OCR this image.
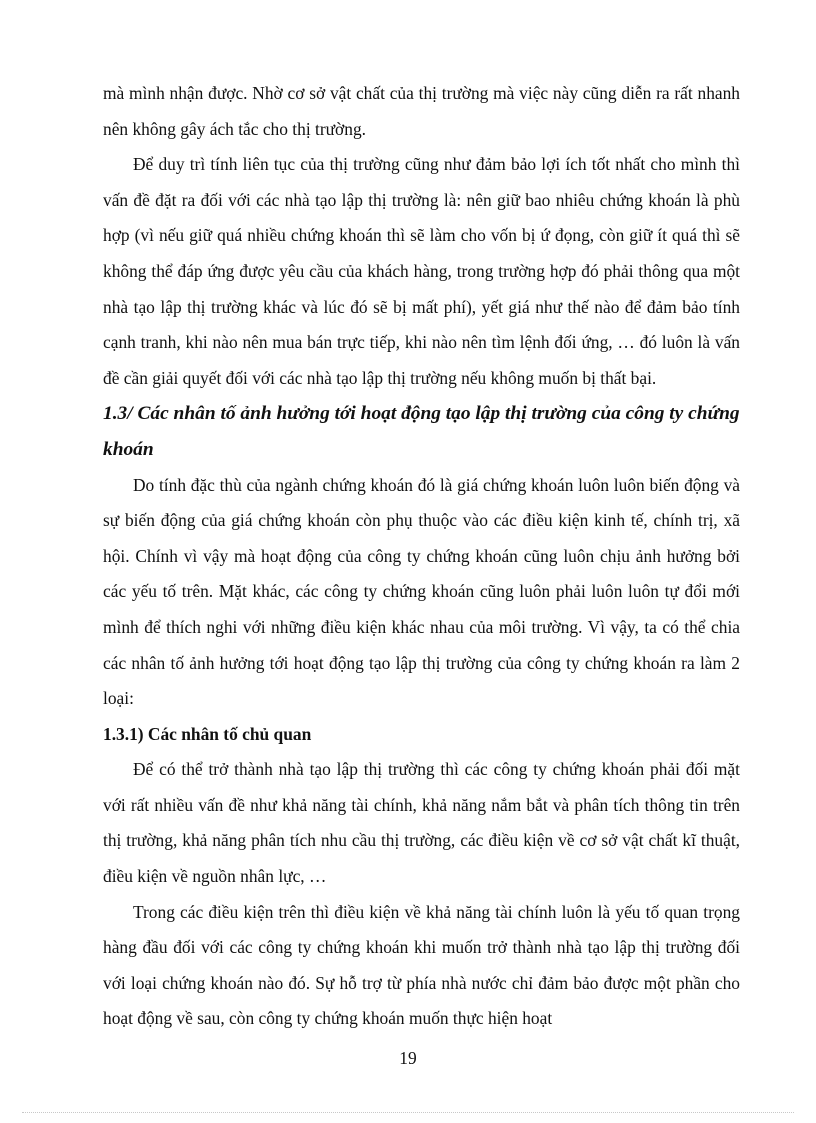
mà mình nhận được. Nhờ cơ sở vật chất của thị trường mà việc này cũng diễn ra rất nhanh nên không gây ách tắc cho thị trường.

Để duy trì tính liên tục của thị trường cũng như đảm bảo lợi ích tốt nhất cho mình thì vấn đề đặt ra đối với các nhà tạo lập thị trường là: nên giữ bao nhiêu chứng khoán là phù hợp (vì nếu giữ quá nhiều chứng khoán thì sẽ làm cho vốn bị ứ đọng, còn giữ ít quá thì sẽ không thể đáp ứng được yêu cầu của khách hàng, trong trường hợp đó phải thông qua một nhà tạo lập thị trường khác và lúc đó sẽ bị mất phí), yết giá như thế nào để đảm bảo tính cạnh tranh, khi nào nên mua bán trực tiếp, khi nào nên tìm lệnh đối ứng, … đó luôn là vấn đề cần giải quyết đối với các nhà tạo lập thị trường nếu không muốn bị thất bại.

1.3/ Các nhân tố ảnh hưởng tới hoạt động tạo lập thị trường của công ty chứng khoán

Do tính đặc thù của ngành chứng khoán đó là giá chứng khoán luôn luôn biến động và sự biến động của giá chứng khoán còn phụ thuộc vào các điều kiện kinh tế, chính trị, xã hội. Chính vì vậy mà hoạt động của công ty chứng khoán cũng luôn chịu ảnh hưởng bởi các yếu tố trên. Mặt khác, các công ty chứng khoán cũng luôn phải luôn luôn tự đổi mới mình để thích nghi với những điều kiện khác nhau của môi trường. Vì vậy, ta có thể chia các nhân tố ảnh hưởng tới hoạt động tạo lập thị trường của công ty chứng khoán ra làm 2 loại:

1.3.1) Các nhân tố chủ quan

Để có thể trở thành nhà tạo lập thị trường thì các công ty chứng khoán phải đối mặt với rất nhiều vấn đề như khả năng tài chính, khả năng nắm bắt và phân tích thông tin trên thị trường, khả năng phân tích nhu cầu thị trường, các điều kiện về cơ sở vật chất kĩ thuật, điều kiện về nguồn nhân lực, …

Trong các điều kiện trên thì điều kiện về khả năng tài chính luôn là yếu tố quan trọng hàng đầu đối với các công ty chứng khoán khi muốn trở thành nhà tạo lập thị trường đối với loại chứng khoán nào đó. Sự hỗ trợ từ phía nhà nước chỉ đảm bảo được một phần cho hoạt động về sau, còn công ty chứng khoán muốn thực hiện hoạt

19
